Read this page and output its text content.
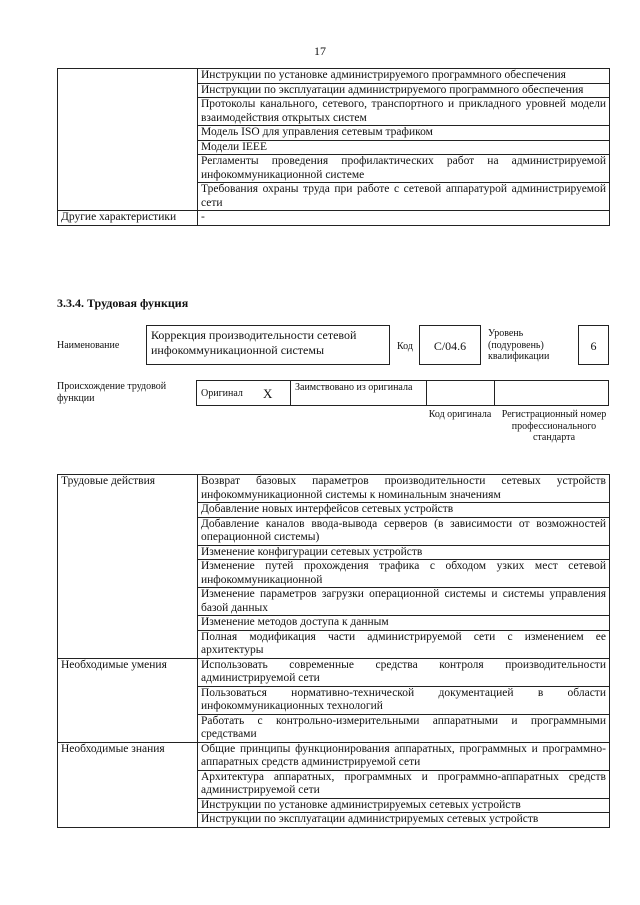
17
	Инструкции по установке администрируемого программного обеспечения
	Инструкции по эксплуатации администрируемого программного обеспечения
	Протоколы канального, сетевого, транспортного и прикладного уровней модели взаимодействия открытых систем
	Модель ISO для управления сетевым трафиком
	Модели IEEE
	Регламенты проведения профилактических работ на администрируемой инфокоммуникационной системе
	Требования охраны труда при работе с сетевой аппаратурой администрируемой сети
Другие характеристики	-
3.3.4. Трудовая функция
Наименование
Коррекция производительности сетевой инфокоммуникационной системы	Код	C/04.6
Уровень (подуровень) квалификации
6
Происхождение трудовой функции	Оригинал X Заимствовано из оригинала
Код оригинала	Регистрационный номер профессионального стандарта
Трудовые действия	Возврат базовых параметров производительности сетевых устройств инфокоммуникационной системы к номинальным значениям
	Добавление новых интерфейсов сетевых устройств
	Добавление каналов ввода-вывода серверов (в зависимости от возможностей операционной системы)
	Изменение конфигурации сетевых устройств
	Изменение путей прохождения трафика с обходом узких мест сетевой инфокоммуникационной
	Изменение параметров загрузки операционной системы и системы управления базой данных
	Изменение методов доступа к данным
	Полная модификация части администрируемой сети с изменением ее архитектуры
Необходимые умения	Использовать современные средства контроля производительности администрируемой сети
	Пользоваться нормативно-технической документацией в области инфокоммуникационных технологий
	Работать с контрольно-измерительными аппаратными и программными средствами
Необходимые знания	Общие принципы функционирования аппаратных, программных и программно-аппаратных средств администрируемой сети
	Архитектура аппаратных, программных и программно-аппаратных средств администрируемой сети
	Инструкции по установке администрируемых сетевых устройств
	Инструкции по эксплуатации администрируемых сетевых устройств
